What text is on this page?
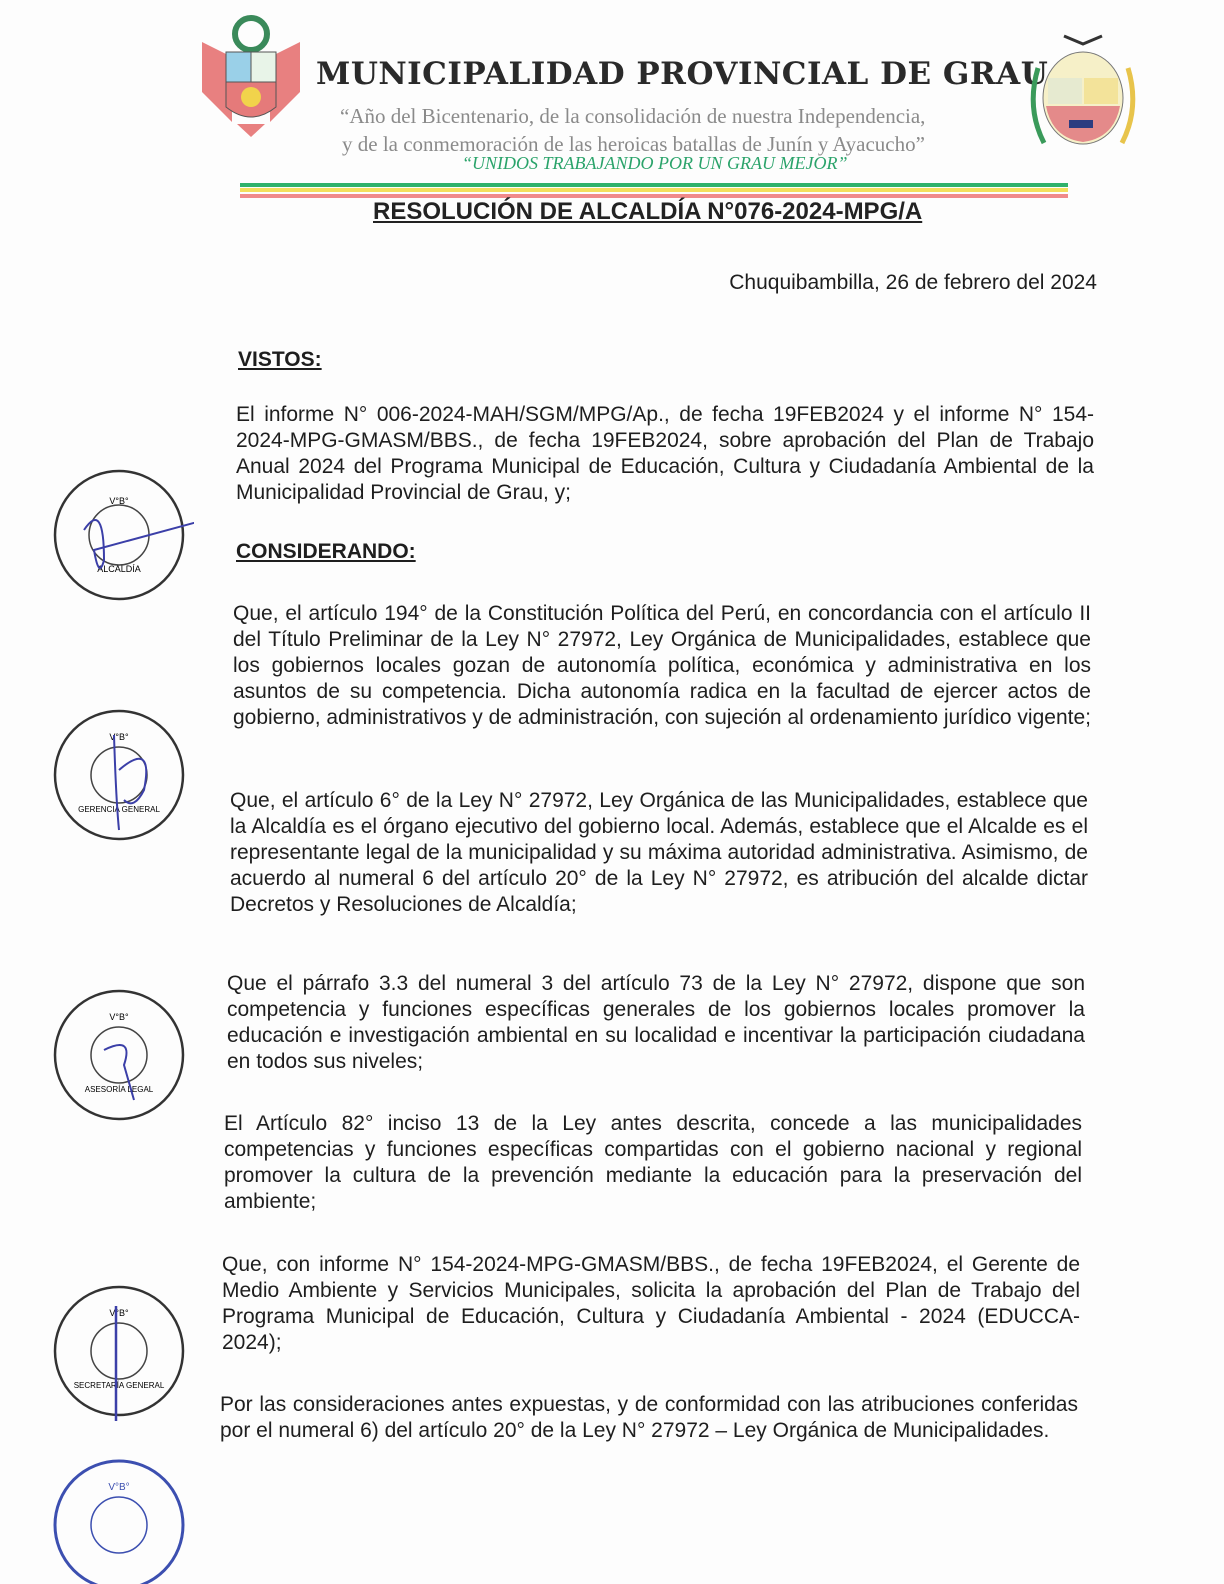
MUNICIPALIDAD PROVINCIAL DE GRAU
“Año del Bicentenario, de la consolidación de nuestra Independencia,
y de la conmemoración de las heroicas batallas de Junín y Ayacucho”
“UNIDOS TRABAJANDO POR UN GRAU MEJOR”
RESOLUCIÓN DE ALCALDÍA N°076-2024-MPG/A
Chuquibambilla, 26 de febrero del 2024
VISTOS:
El informe N° 006-2024-MAH/SGM/MPG/Ap., de fecha 19FEB2024 y el informe N° 154-2024-MPG-GMASM/BBS., de fecha 19FEB2024, sobre aprobación del Plan de Trabajo Anual 2024 del Programa Municipal de Educación, Cultura y Ciudadanía Ambiental de la Municipalidad Provincial de Grau, y;
CONSIDERANDO:
Que, el artículo 194° de la Constitución Política del Perú, en concordancia con el artículo II del Título Preliminar de la Ley N° 27972, Ley Orgánica de Municipalidades, establece que los gobiernos locales gozan de autonomía política, económica y administrativa en los asuntos de su competencia. Dicha autonomía radica en la facultad de ejercer actos de gobierno, administrativos y de administración, con sujeción al ordenamiento jurídico vigente;
Que, el artículo 6° de la Ley N° 27972, Ley Orgánica de las Municipalidades, establece que la Alcaldía es el órgano ejecutivo del gobierno local. Además, establece que el Alcalde es el representante legal de la municipalidad y su máxima autoridad administrativa. Asimismo, de acuerdo al numeral 6 del artículo 20° de la Ley N° 27972, es atribución del alcalde dictar Decretos y Resoluciones de Alcaldía;
Que el párrafo 3.3 del numeral 3 del artículo 73 de la Ley N° 27972, dispone que son competencia y funciones específicas generales de los gobiernos locales promover la educación e investigación ambiental en su localidad e incentivar la participación ciudadana en todos sus niveles;
El Artículo 82° inciso 13 de la Ley antes descrita, concede a las municipalidades competencias y funciones específicas compartidas con el gobierno nacional y regional promover la cultura de la prevención mediante la educación para la preservación del ambiente;
Que, con informe N° 154-2024-MPG-GMASM/BBS., de fecha 19FEB2024, el Gerente de Medio Ambiente y Servicios Municipales, solicita la aprobación del Plan de Trabajo del Programa Municipal de Educación, Cultura y Ciudadanía Ambiental - 2024 (EDUCCA-2024);
Por las consideraciones antes expuestas, y de conformidad con las atribuciones conferidas por el numeral 6) del artículo 20° de la Ley N° 27972 – Ley Orgánica de Municipalidades.
V°B°
ALCALDÍA
V°B°
GERENCIA GENERAL
V°B°
ASESORÍA LEGAL
V°B°
SECRETARÍA GENERAL
V°B°
